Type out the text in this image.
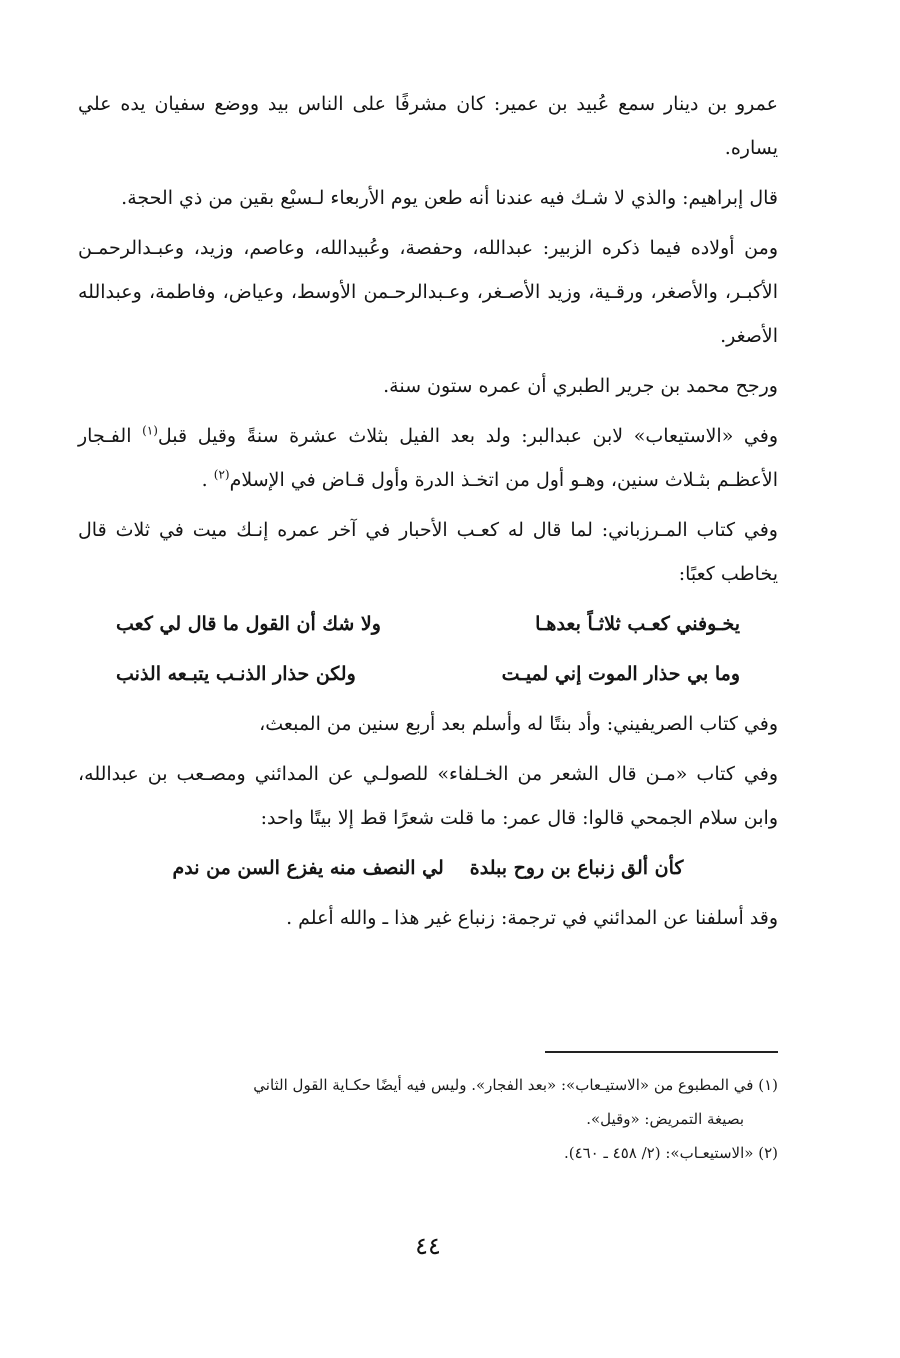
عمرو بن دينار سمع عُبيد بن عمير: كان مشرفًا على الناس بيد ووضع سفيان يده علي يساره.

قال إبراهيم: والذي لا شـك فيه عندنا أنه طعن يوم الأربعاء لـسبْع بقين من ذي الحجة.

ومن أولاده فيما ذكره الزبير: عبدالله، وحفصة، وعُبيدالله، وعاصم، وزيد، وعبـدالرحمـن الأكبـر، والأصغر، ورقـية، وزيد الأصـغر، وعـبدالرحـمن الأوسط، وعياض، وفاطمة، وعبدالله الأصغر.

ورجح محمد بن جرير الطبري أن عمره ستون سنة.

وفي «الاستيعاب» لابن عبدالبر: ولد بعد الفيل بثلاث عشرة سنةً وقيل قبل$^{(١)}$ الفـجار الأعظـم بثـلاث سنين، وهـو أول من اتخـذ الدرة وأول قـاض في الإسلام$^{(٢)}$ .

وفي كتاب المـرزباني: لما قال له كعـب الأحبار في آخر عمره إنـك ميت في ثلاث قال يخاطب كعبًا:

يخـوفني كعـب ثلاثـاً بعدهـا
ولا شك أن القول ما قال لي كعب
وما بي حذار الموت إني لميـت
ولكن حذار الذنـب يتبـعه الذنب

وفي كتاب الصريفيني: وأد بنتًا له وأسلم بعد أربع سنين من المبعث،

وفي كتاب «مـن قال الشعر من الخـلفاء» للصولـي عن المدائني ومصـعب بن عبدالله، وابن سلام الجمحي قالوا: قال عمر: ما قلت شعرًا قط إلا بيتًا واحد:

كأن ألق زنباع بن روح ببلدة
لي النصف منه يفزع السن من ندم

وقد أسلفنا عن المدائني في ترجمة: زنباع غير هذا ـ والله أعلم .

(١) في المطبوع من «الاستيـعاب»: «بعد الفجار». وليس فيه أيضًا حكـاية القول الثاني

بصيغة التمريض: «وقيل».

(٢) «الاستيعـاب»: (٢/ ٤٥٨ ـ ٤٦٠).

٤٤
